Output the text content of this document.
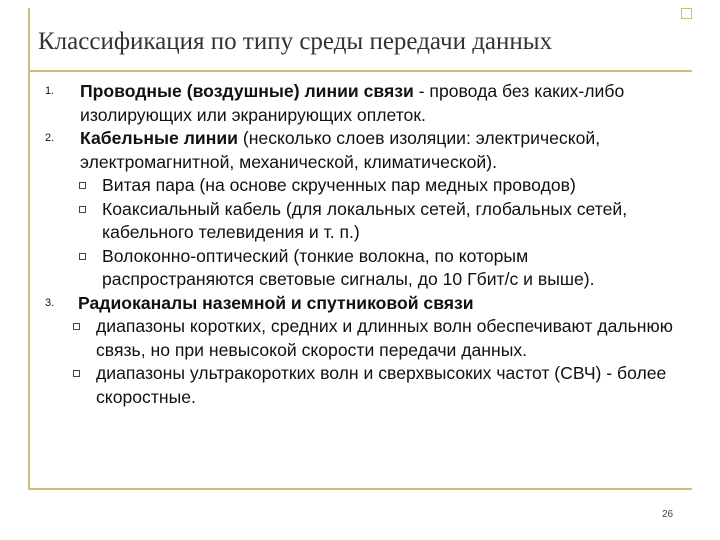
Классификация по типу среды передачи данных
1. Проводные (воздушные) линии связи - провода без каких-либо изолирующих или экранирующих оплеток.
2. Кабельные линии (несколько слоев изоляции: электрической, электромагнитной, механической, климатической).
Витая пара (на основе скрученных пар медных проводов)
Коаксиальный кабель (для локальных сетей, глобальных сетей, кабельного телевидения и т. п.)
Волоконно-оптический (тонкие волокна, по которым распространяются световые сигналы, до 10 Гбит/с и выше).
3. Радиоканалы наземной и спутниковой связи
диапазоны коротких, средних и длинных волн обеспечивают дальнюю связь, но при невысокой скорости передачи данных.
диапазоны ультракоротких волн и сверхвысоких частот (СВЧ) - более скоростные.
26
